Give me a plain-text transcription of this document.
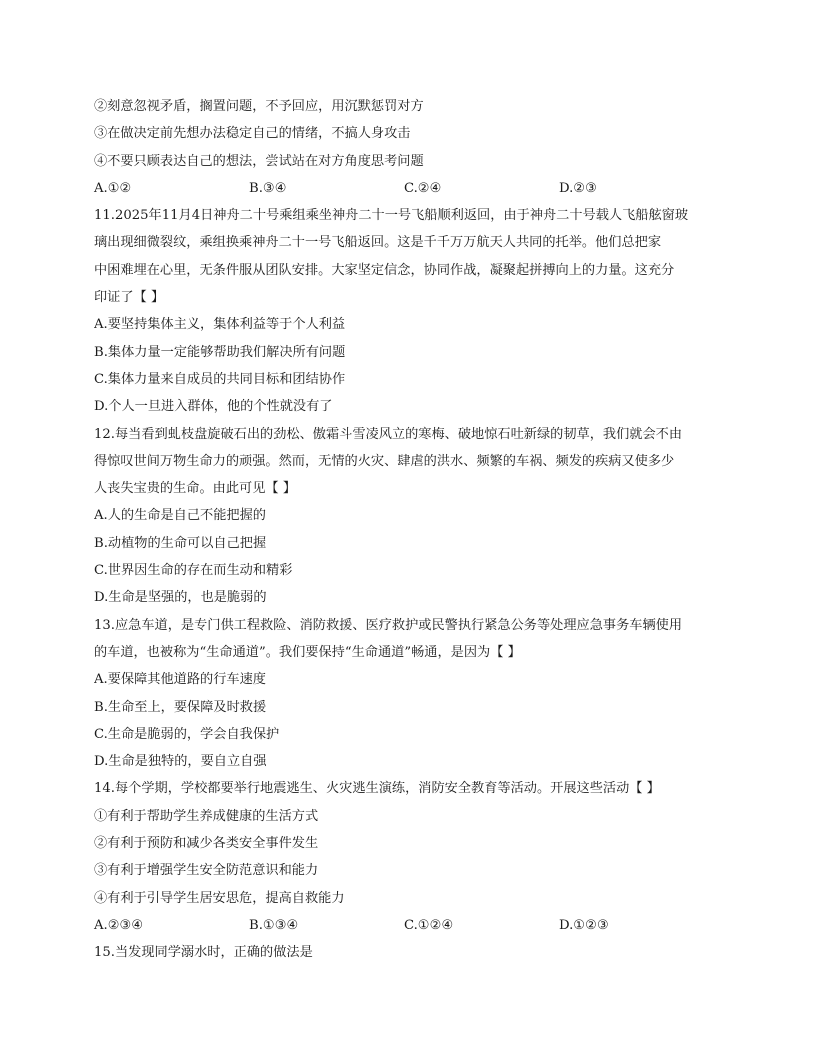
②刻意忽视矛盾，搁置问题，不予回应，用沉默惩罚对方
③在做决定前先想办法稳定自己的情绪，不搞人身攻击
④不要只顾表达自己的想法，尝试站在对方角度思考问题
A.①②	B.③④	C.②④	D.②③
11.2025年11月4日神舟二十号乘组乘坐神舟二十一号飞船顺利返回，由于神舟二十号载人飞船舷窗玻
璃出现细微裂纹，乘组换乘神舟二十一号飞船返回。这是千千万万航天人共同的托举。他们总把家
中困难埋在心里，无条件服从团队安排。大家坚定信念，协同作战，凝聚起拼搏向上的力量。这充分
印证了【 】
A.要坚持集体主义，集体利益等于个人利益
B.集体力量一定能够帮助我们解决所有问题
C.集体力量来自成员的共同目标和团结协作
D.个人一旦进入群体，他的个性就没有了
12.每当看到虬枝盘旋破石出的劲松、傲霜斗雪凌风立的寒梅、破地惊石吐新绿的韧草，我们就会不由
得惊叹世间万物生命力的顽强。然而，无情的火灾、肆虐的洪水、频繁的车祸、频发的疾病又使多少
人丧失宝贵的生命。由此可见【 】
A.人的生命是自己不能把握的
B.动植物的生命可以自己把握
C.世界因生命的存在而生动和精彩
D.生命是坚强的，也是脆弱的
13.应急车道，是专门供工程救险、消防救援、医疗救护或民警执行紧急公务等处理应急事务车辆使用
的车道，也被称为“生命通道”。我们要保持“生命通道”畅通，是因为【 】
A.要保障其他道路的行车速度
B.生命至上，要保障及时救援
C.生命是脆弱的，学会自我保护
D.生命是独特的，要自立自强
14.每个学期，学校都要举行地震逃生、火灾逃生演练，消防安全教育等活动。开展这些活动【 】
①有利于帮助学生养成健康的生活方式
②有利于预防和减少各类安全事件发生
③有利于增强学生安全防范意识和能力
④有利于引导学生居安思危，提高自救能力
A.②③④	B.①③④	C.①②④	D.①②③
15.当发现同学溺水时，正确的做法是
